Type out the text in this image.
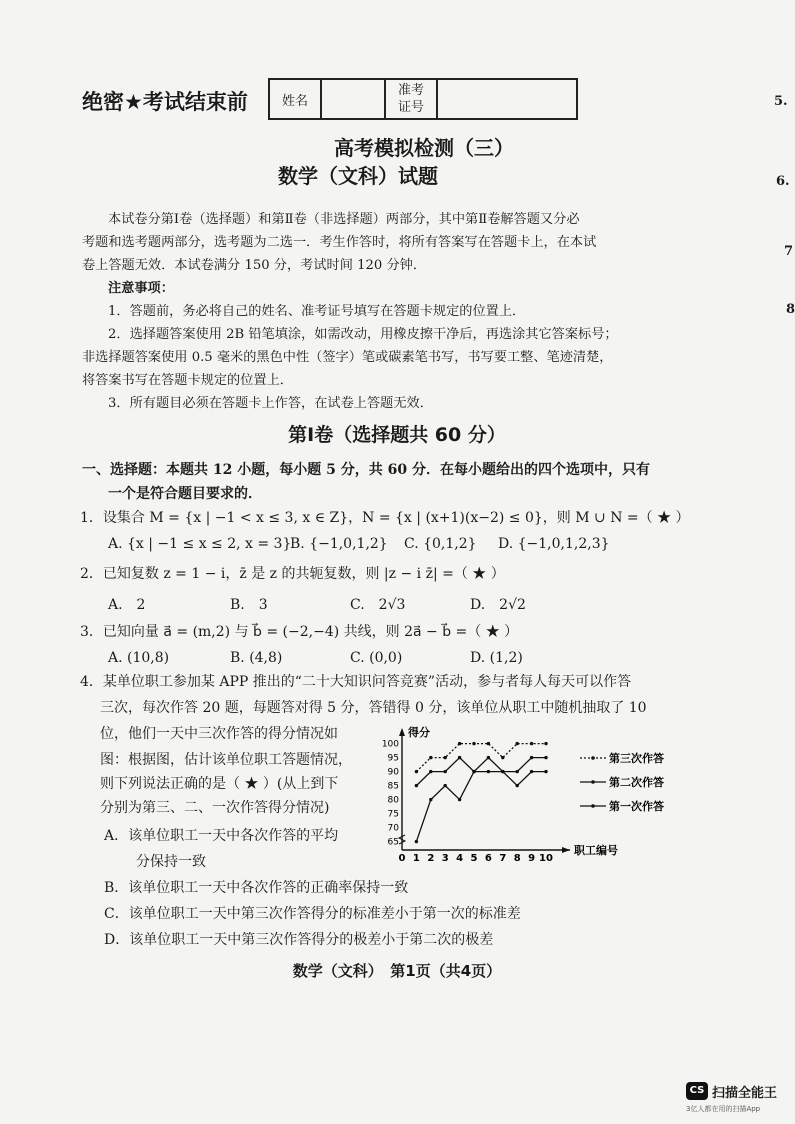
绝密★考试结束前	姓名		准考
证号		5.
6.
7
8
高考模拟检测（三）
数学（文科）试题
本试卷分第Ⅰ卷（选择题）和第Ⅱ卷（非选择题）两部分，其中第Ⅱ卷解答题又分必
考题和选考题两部分，选考题为二选一．考生作答时，将所有答案写在答题卡上，在本试
卷上答题无效．本试卷满分 150 分，考试时间 120 分钟．
注意事项：
1．答题前，务必将自己的姓名、准考证号填写在答题卡规定的位置上．
2．选择题答案使用 2B 铅笔填涂，如需改动，用橡皮擦干净后，再选涂其它答案标号；
非选择题答案使用 0.5 毫米的黑色中性（签字）笔或碳素笔书写，书写要工整、笔迹清楚，
将答案书写在答题卡规定的位置上．
3．所有题目必须在答题卡上作答，在试卷上答题无效．
第Ⅰ卷（选择题共 60 分）
一、选择题：本题共 12 小题，每小题 5 分，共 60 分．在每小题给出的四个选项中，只有
一个是符合题目要求的．
1．设集合 M = {x | −1 < x ≤ 3, x ∈ Z}，N = {x | (x+1)(x−2) ≤ 0}，则 M ∪ N =（ ★ ）
A. {x | −1 ≤ x ≤ 2, x = 3}
B. {−1,0,1,2} C. {0,1,2} D. {−1,0,1,2,3}
2．已知复数 z = 1 − i，z̄ 是 z 的共轭复数，则 |z − i z̄| =（ ★ ）
A.　2	B.　3	C.　2√3	D.　2√2
3．已知向量 a⃗ = (m,2) 与 b⃗ = (−2,−4) 共线，则 2a⃗ − b⃗ =（ ★ ）
A. (10,8)	B. (4,8)	C. (0,0)	D. (1,2)
4．某单位职工参加某 APP 推出的“二十大知识问答竞赛”活动，参与者每人每天可以作答
三次，每次作答 20 题，每题答对得 5 分，答错得 0 分，该单位从职工中随机抽取了 10
位，他们一天中三次作答的得分情况如
图：根据图，估计该单位职工答题情况，
则下列说法正确的是（ ★ ）(从上到下
分别为第三、二、一次作答得分情况)
A．该单位职工一天中各次作答的平均
分保持一致
B．该单位职工一天中各次作答的正确率保持一致
C．该单位职工一天中第三次作答得分的标准差小于第一次的标准差
D．该单位职工一天中第三次作答得分的极差小于第二次的极差
得分
职工编号
65
70
75
80
85
90
95
100
0 1 2 3 4 5 6 7 8 9 10
第三次作答
第二次作答
第一次作答
数学（文科）　第1页（共4页）
CS 扫描全能王
3亿人都在用的扫描App
